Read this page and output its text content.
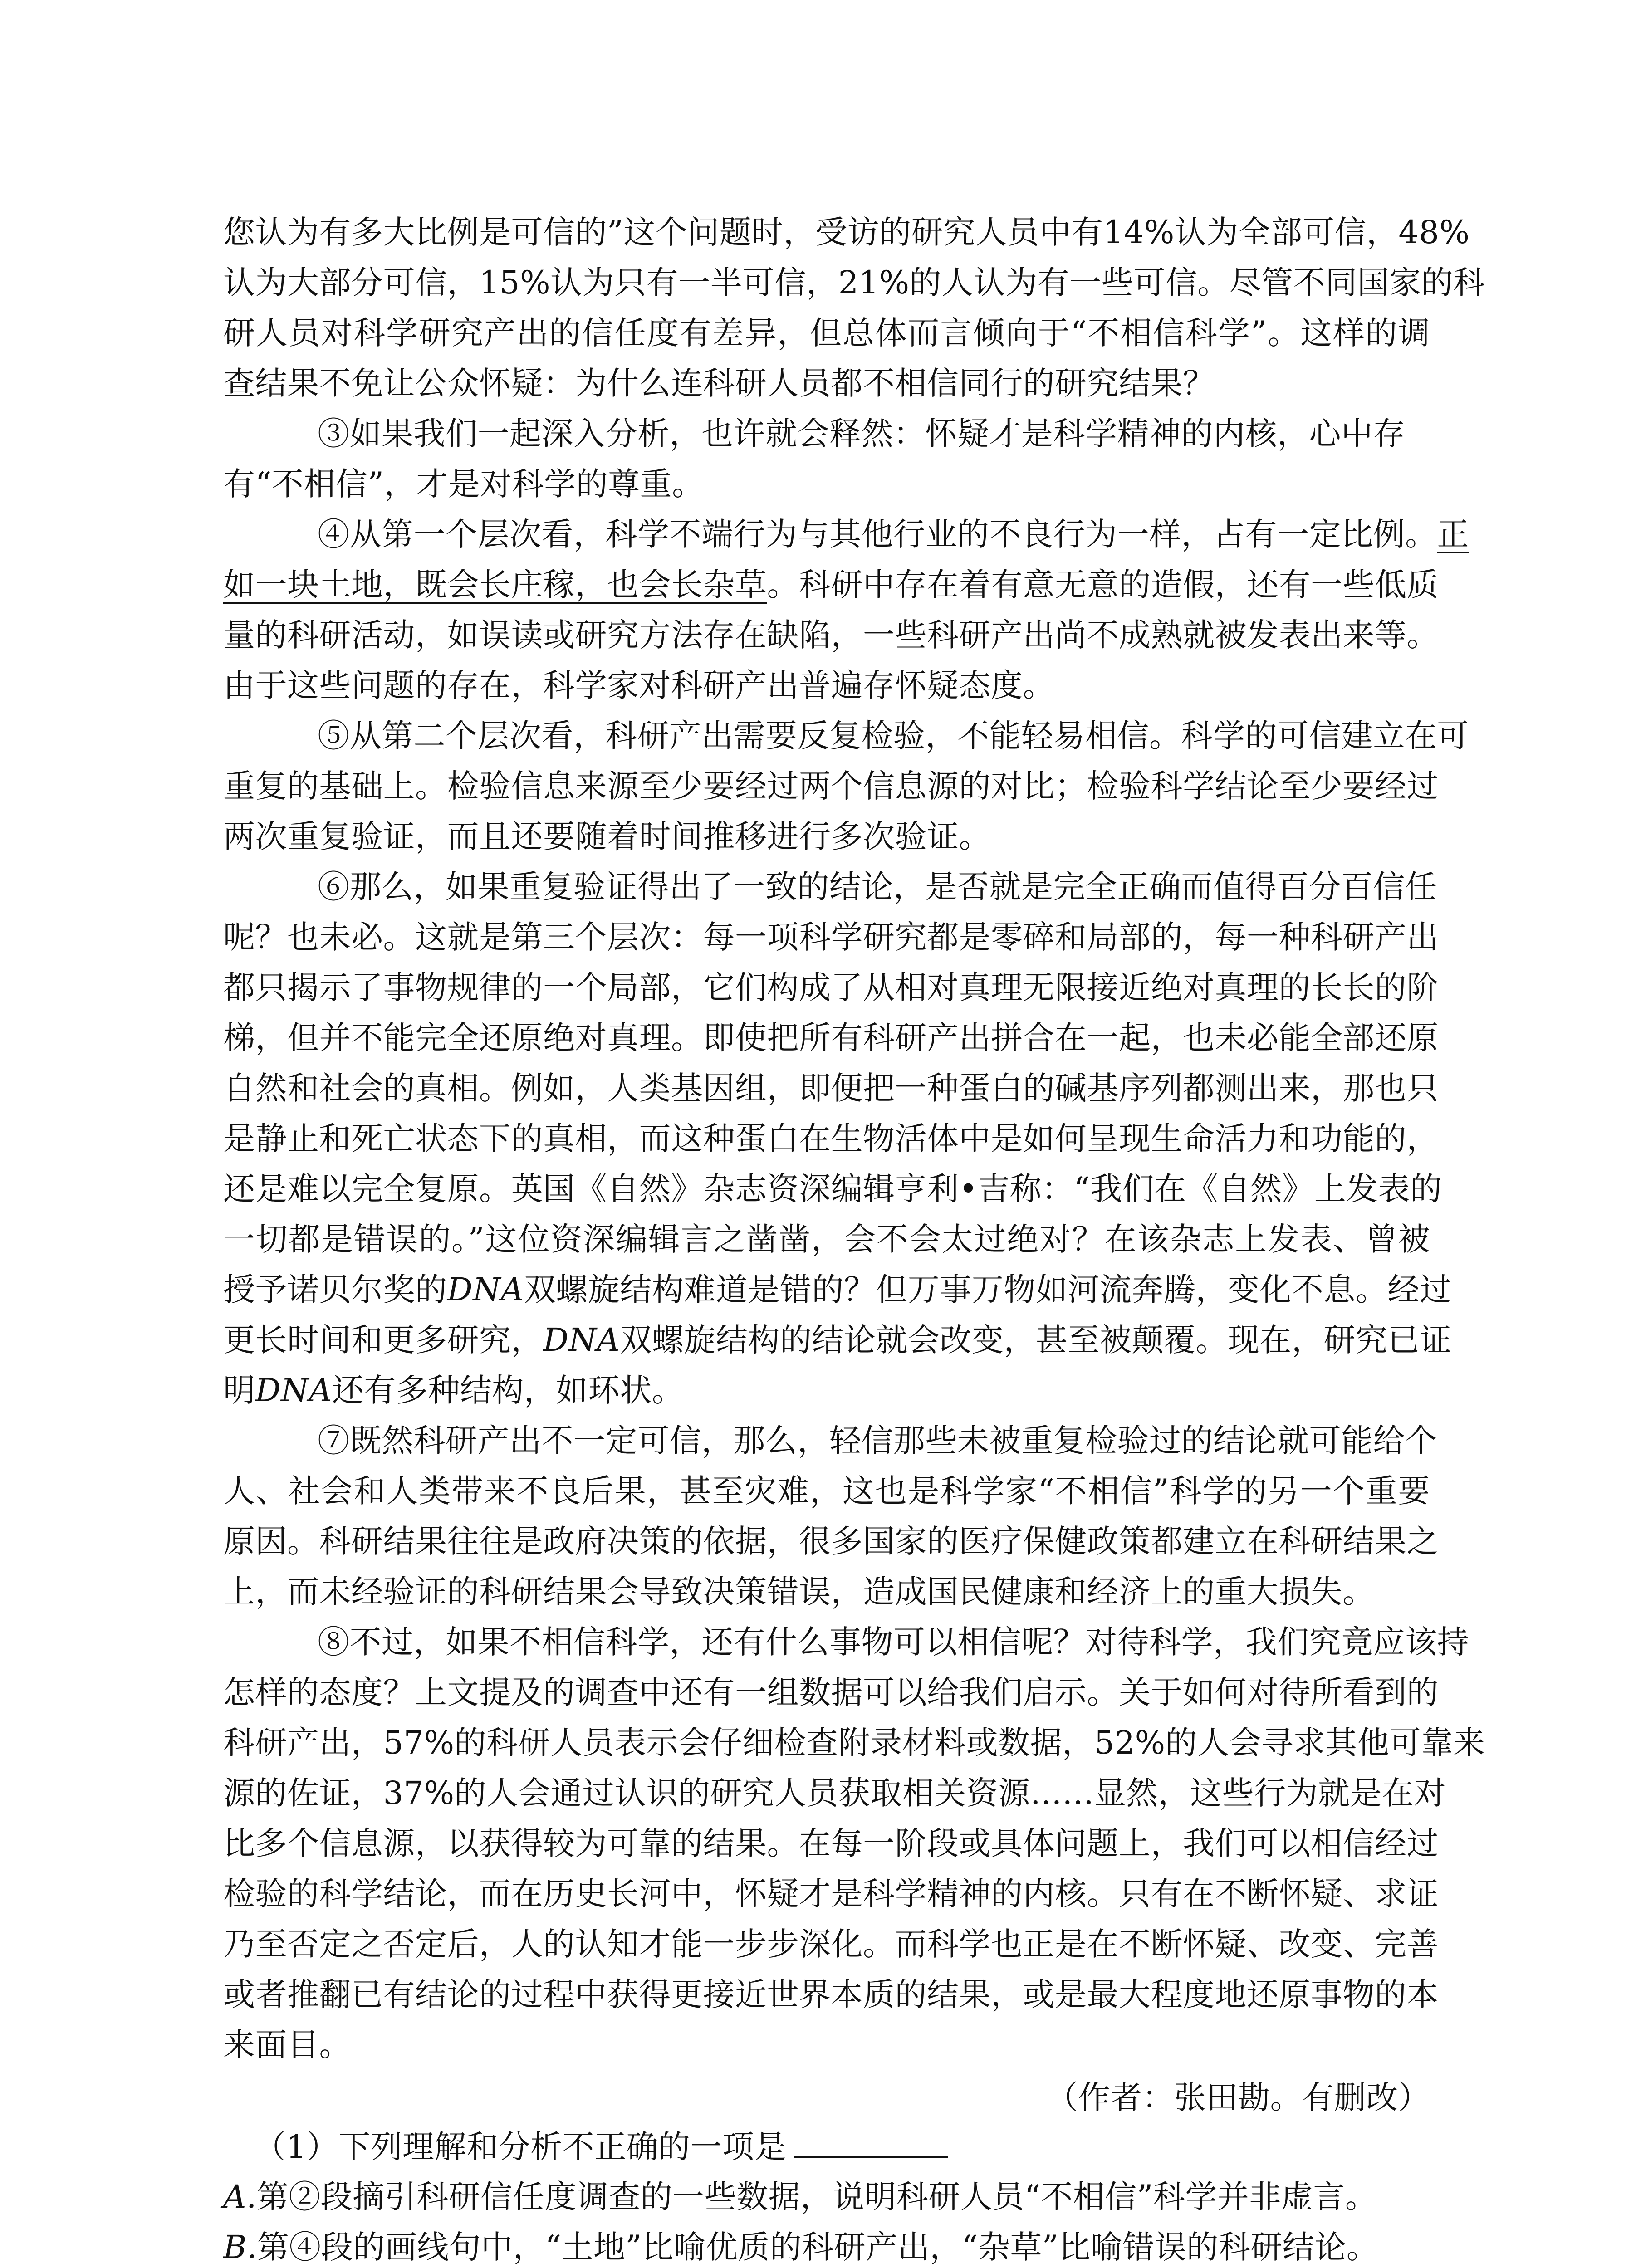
您认为有多大比例是可信的”这个问题时，受访的研究人员中有14%认为全部可信，48%
认为大部分可信，15%认为只有一半可信，21%的人认为有一些可信。尽管不同国家的科
研人员对科学研究产出的信任度有差异，但总体而言倾向于“不相信科学”。这样的调
查结果不免让公众怀疑：为什么连科研人员都不相信同行的研究结果？
③如果我们一起深入分析，也许就会释然：怀疑才是科学精神的内核，心中存
有“不相信”，才是对科学的尊重。
④从第一个层次看，科学不端行为与其他行业的不良行为一样，占有一定比例。正
如一块土地，既会长庄稼，也会长杂草。科研中存在着有意无意的造假，还有一些低质
量的科研活动，如误读或研究方法存在缺陷，一些科研产出尚不成熟就被发表出来等。
由于这些问题的存在，科学家对科研产出普遍存怀疑态度。
⑤从第二个层次看，科研产出需要反复检验，不能轻易相信。科学的可信建立在可
重复的基础上。检验信息来源至少要经过两个信息源的对比；检验科学结论至少要经过
两次重复验证，而且还要随着时间推移进行多次验证。
⑥那么，如果重复验证得出了一致的结论，是否就是完全正确而值得百分百信任
呢？也未必。这就是第三个层次：每一项科学研究都是零碎和局部的，每一种科研产出
都只揭示了事物规律的一个局部，它们构成了从相对真理无限接近绝对真理的长长的阶
梯，但并不能完全还原绝对真理。即使把所有科研产出拼合在一起，也未必能全部还原
自然和社会的真相。例如，人类基因组，即便把一种蛋白的碱基序列都测出来，那也只
是静止和死亡状态下的真相，而这种蛋白在生物活体中是如何呈现生命活力和功能的，
还是难以完全复原。英国《自然》杂志资深编辑亨利•吉称：“我们在《自然》上发表的
一切都是错误的。”这位资深编辑言之凿凿，会不会太过绝对？在该杂志上发表、曾被
授予诺贝尔奖的DNA双螺旋结构难道是错的？但万事万物如河流奔腾，变化不息。经过
更长时间和更多研究，DNA双螺旋结构的结论就会改变，甚至被颠覆。现在，研究已证
明DNA还有多种结构，如环状。
⑦既然科研产出不一定可信，那么，轻信那些未被重复检验过的结论就可能给个
人、社会和人类带来不良后果，甚至灾难，这也是科学家“不相信”科学的另一个重要
原因。科研结果往往是政府决策的依据，很多国家的医疗保健政策都建立在科研结果之
上，而未经验证的科研结果会导致决策错误，造成国民健康和经济上的重大损失。
⑧不过，如果不相信科学，还有什么事物可以相信呢？对待科学，我们究竟应该持
怎样的态度？上文提及的调查中还有一组数据可以给我们启示。关于如何对待所看到的
科研产出，57%的科研人员表示会仔细检查附录材料或数据，52%的人会寻求其他可靠来
源的佐证，37%的人会通过认识的研究人员获取相关资源……显然，这些行为就是在对
比多个信息源，以获得较为可靠的结果。在每一阶段或具体问题上，我们可以相信经过
检验的科学结论，而在历史长河中，怀疑才是科学精神的内核。只有在不断怀疑、求证
乃至否定之否定后，人的认知才能一步步深化。而科学也正是在不断怀疑、改变、完善
或者推翻已有结论的过程中获得更接近世界本质的结果，或是最大程度地还原事物的本
来面目。
（作者：张田勘。有删改）
（1）下列理解和分析不正确的一项是
A.第②段摘引科研信任度调查的一些数据，说明科研人员“不相信”科学并非虚言。
B.第④段的画线句中，“土地”比喻优质的科研产出，“杂草”比喻错误的科研结论。
